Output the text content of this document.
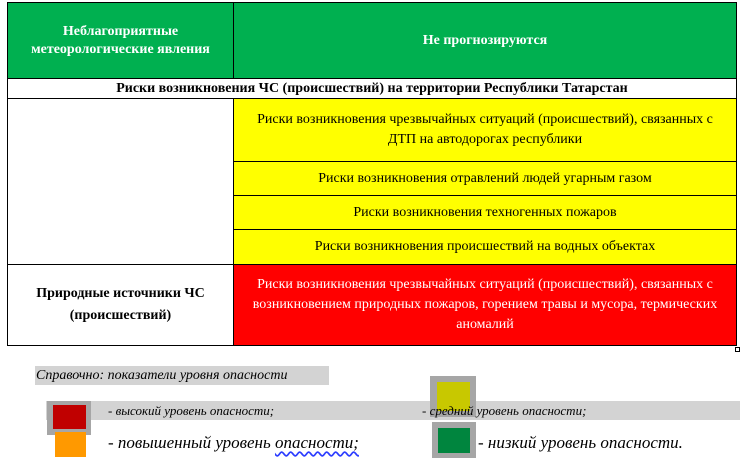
Неблагоприятные метеорологические явления	Не прогнозируются
Риски возникновения ЧС (происшествий) на территории Республики Татарстан	
	Риски возникновения чрезвычайных ситуаций (происшествий), связанных с ДТП на автодорогах республики
	Риски возникновения отравлений людей угарным газом
	Риски возникновения техногенных пожаров
	Риски возникновения происшествий на водных объектах
Природные источники ЧС (происшествий)	Риски возникновения чрезвычайных ситуаций (происшествий), связанных с возникновением природных пожаров, горением травы и мусора, термических аномалий
Справочно: показатели уровня опасности
- высокий уровень опасности;	- средний уровень опасности;
- повышенный уровень опасности;	- низкий уровень опасности.
